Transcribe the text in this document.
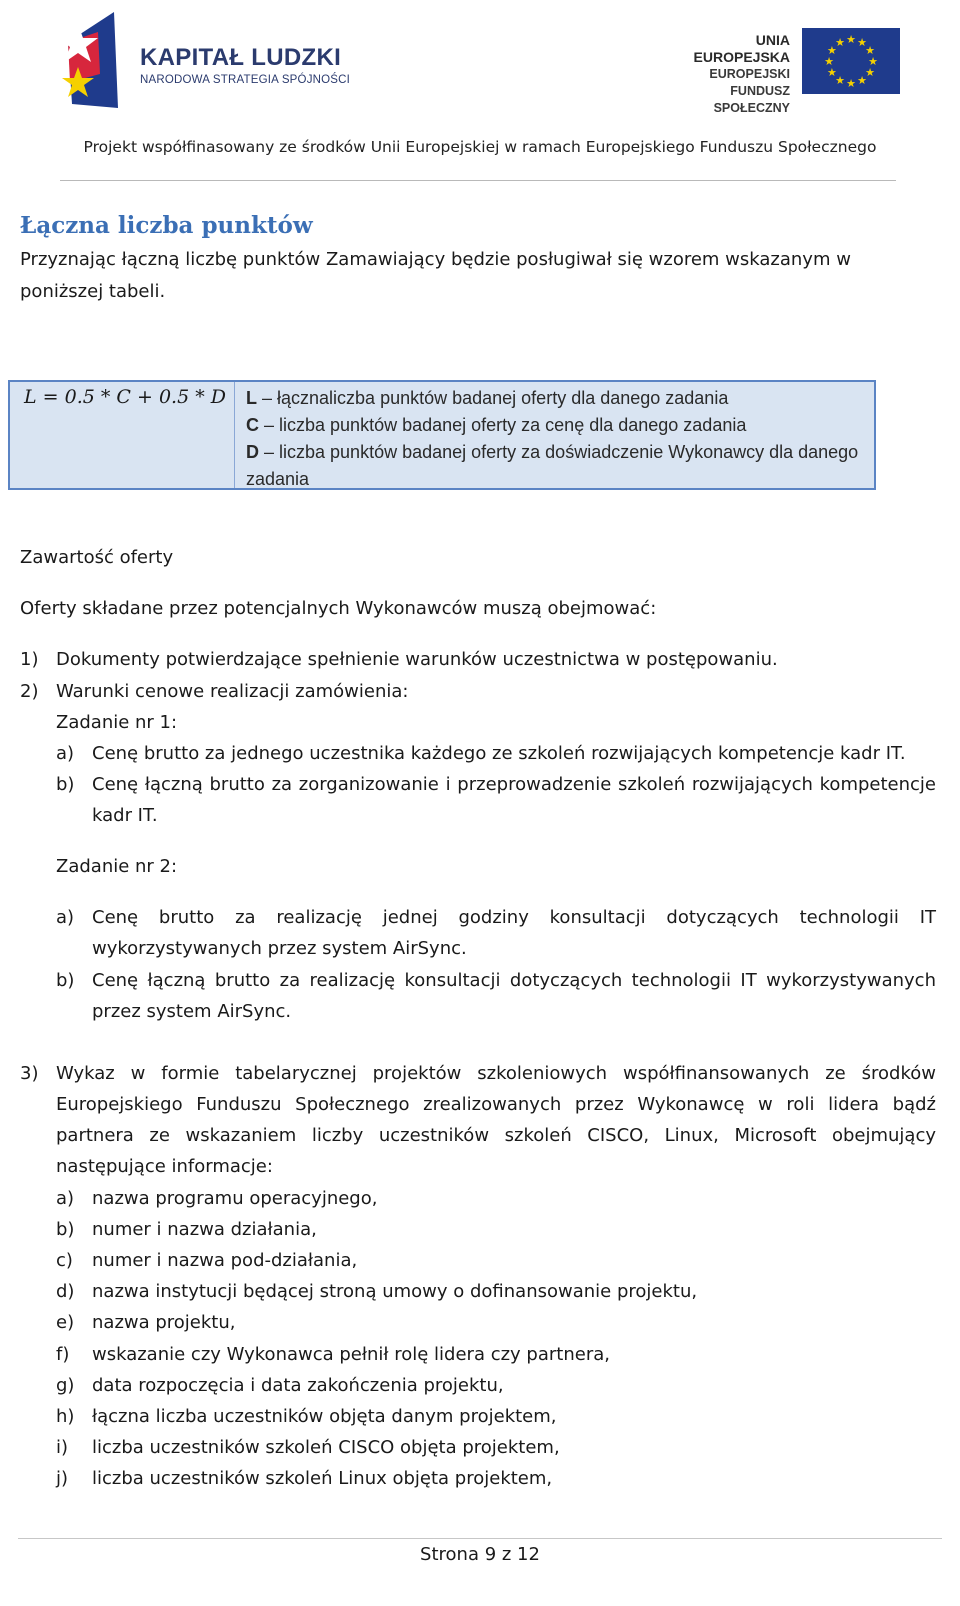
KAPITAŁ LUDZKI
NARODOWA STRATEGIA SPÓJNOŚCI
UNIA EUROPEJSKA
EUROPEJSKI
FUNDUSZ SPOŁECZNY
★ ★
★
★
★
★
★
★
★
★
★
★
Projekt współfinasowany ze środków Unii Europejskiej w ramach Europejskiego Funduszu Społecznego
Łączna liczba punktów
Przyznając łączną liczbę punktów Zamawiający będzie posługiwał się wzorem wskazanym w poniższej tabeli.
L = 0.5 * C + 0.5 * D L – łącznaliczba punktów badanej oferty dla danego zadania
C – liczba punktów badanej oferty za cenę dla danego zadania
D – liczba punktów badanej oferty za doświadczenie Wykonawcy dla danego zadania
Zawartość oferty
Oferty składane przez potencjalnych Wykonawców muszą obejmować:
1) Dokumenty potwierdzające spełnienie warunków uczestnictwa w postępowaniu.
2) Warunki cenowe realizacji zamówienia:
Zadanie nr 1:
a) Cenę brutto za jednego uczestnika każdego ze szkoleń rozwijających kompetencje kadr IT.
b) Cenę łączną brutto za zorganizowanie i przeprowadzenie szkoleń rozwijających kompetencje kadr IT.
Zadanie nr 2:
a) Cenę brutto za realizację jednej godziny konsultacji dotyczących technologii IT wykorzystywanych przez system AirSync.
b) Cenę łączną brutto za realizację konsultacji dotyczących technologii IT wykorzystywanych przez system AirSync.
3) Wykaz w formie tabelarycznej projektów szkoleniowych współfinansowanych ze środków Europejskiego Funduszu Społecznego zrealizowanych przez Wykonawcę w roli lidera bądź partnera ze wskazaniem liczby uczestników szkoleń CISCO, Linux, Microsoft obejmujący następujące informacje:
a) nazwa programu operacyjnego,
b) numer i nazwa działania,
c) numer i nazwa pod-działania,
d) nazwa instytucji będącej stroną umowy o dofinansowanie projektu,
e) nazwa projektu,
f) wskazanie czy Wykonawca pełnił rolę lidera czy partnera,
g) data rozpoczęcia i data zakończenia projektu,
h) łączna liczba uczestników objęta danym projektem,
i) liczba uczestników szkoleń CISCO objęta projektem,
j) liczba uczestników szkoleń Linux objęta projektem,
Strona 9 z 12
